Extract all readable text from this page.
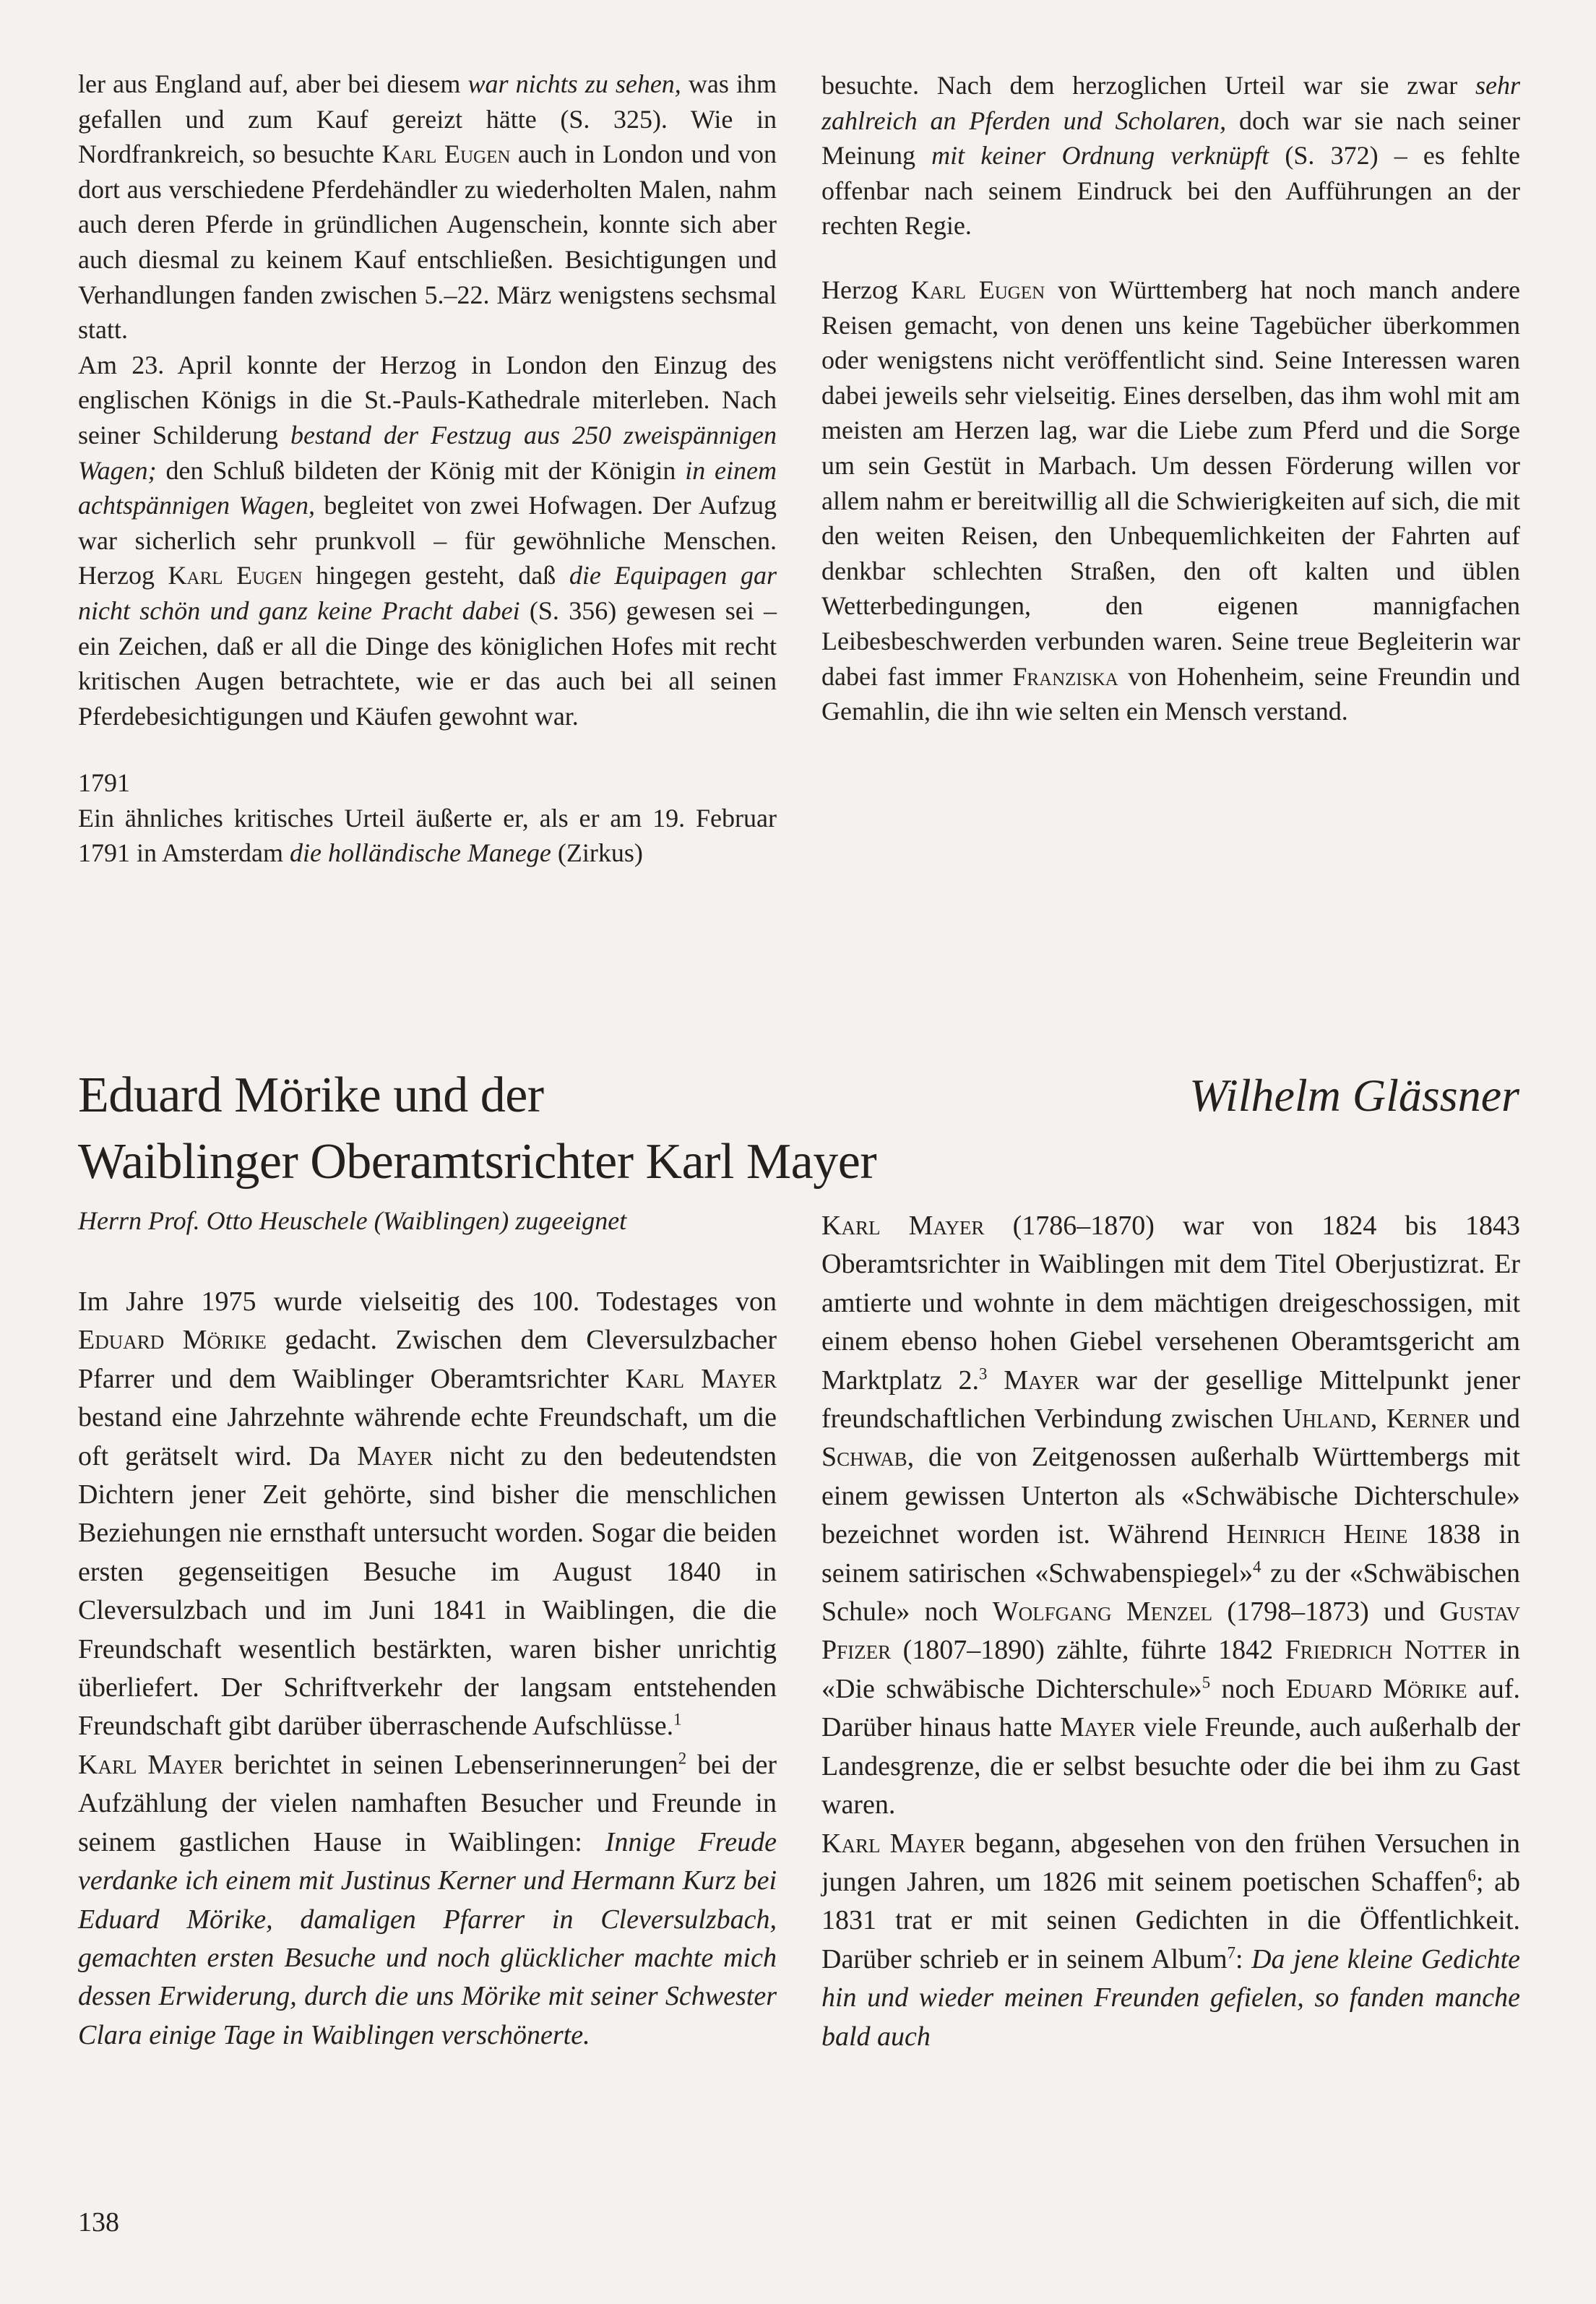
ler aus England auf, aber bei diesem war nichts zu sehen, was ihm gefallen und zum Kauf gereizt hätte (S. 325). Wie in Nordfrankreich, so besuchte Karl Eugen auch in London und von dort aus verschiedene Pferdehändler zu wiederholten Malen, nahm auch deren Pferde in gründlichen Augenschein, konnte sich aber auch diesmal zu keinem Kauf entschließen. Besichtigungen und Verhandlungen fanden zwischen 5.–22. März wenigstens sechsmal statt.

Am 23. April konnte der Herzog in London den Einzug des englischen Königs in die St.-Pauls-Kathedrale miterleben. Nach seiner Schilderung bestand der Festzug aus 250 zweispännigen Wagen; den Schluß bildeten der König mit der Königin in einem achtspännigen Wagen, begleitet von zwei Hofwagen. Der Aufzug war sicherlich sehr prunkvoll – für gewöhnliche Menschen. Herzog Karl Eugen hingegen gesteht, daß die Equipagen gar nicht schön und ganz keine Pracht dabei (S. 356) gewesen sei – ein Zeichen, daß er all die Dinge des königlichen Hofes mit recht kritischen Augen betrachtete, wie er das auch bei all seinen Pferdebesichtigungen und Käufen gewohnt war.

1791

Ein ähnliches kritisches Urteil äußerte er, als er am 19. Februar 1791 in Amsterdam die holländische Manege (Zirkus)

besuchte. Nach dem herzoglichen Urteil war sie zwar sehr zahlreich an Pferden und Scholaren, doch war sie nach seiner Meinung mit keiner Ordnung verknüpft (S. 372) – es fehlte offenbar nach seinem Eindruck bei den Aufführungen an der rechten Regie.

Herzog Karl Eugen von Württemberg hat noch manch andere Reisen gemacht, von denen uns keine Tagebücher überkommen oder wenigstens nicht veröffentlicht sind. Seine Interessen waren dabei jeweils sehr vielseitig. Eines derselben, das ihm wohl mit am meisten am Herzen lag, war die Liebe zum Pferd und die Sorge um sein Gestüt in Marbach. Um dessen Förderung willen vor allem nahm er bereitwillig all die Schwierigkeiten auf sich, die mit den weiten Reisen, den Unbequemlichkeiten der Fahrten auf denkbar schlechten Straßen, den oft kalten und üblen Wetterbedingungen, den eigenen mannigfachen Leibesbeschwerden verbunden waren. Seine treue Begleiterin war dabei fast immer Franziska von Hohenheim, seine Freundin und Gemahlin, die ihn wie selten ein Mensch verstand.

Eduard Mörike und der
Waiblinger Oberamtsrichter Karl Mayer
Wilhelm Glässner

Herrn Prof. Otto Heuschele (Waiblingen) zugeeignet

Im Jahre 1975 wurde vielseitig des 100. Todestages von Eduard Mörike gedacht. Zwischen dem Cleversulzbacher Pfarrer und dem Waiblinger Oberamtsrichter Karl Mayer bestand eine Jahrzehnte währende echte Freundschaft, um die oft gerätselt wird. Da Mayer nicht zu den bedeutendsten Dichtern jener Zeit gehörte, sind bisher die menschlichen Beziehungen nie ernsthaft untersucht worden. Sogar die beiden ersten gegenseitigen Besuche im August 1840 in Cleversulzbach und im Juni 1841 in Waiblingen, die die Freundschaft wesentlich bestärkten, waren bisher unrichtig überliefert. Der Schriftverkehr der langsam entstehenden Freundschaft gibt darüber überraschende Aufschlüsse.$^1$

Karl Mayer berichtet in seinen Lebenserinnerungen$^2$ bei der Aufzählung der vielen namhaften Besucher und Freunde in seinem gastlichen Hause in Waiblingen: Innige Freude verdanke ich einem mit Justinus Kerner und Hermann Kurz bei Eduard Mörike, damaligen Pfarrer in Cleversulzbach, gemachten ersten Besuche und noch glücklicher machte mich dessen Erwiderung, durch die uns Mörike mit seiner Schwester Clara einige Tage in Waiblingen verschönerte.

Karl Mayer (1786–1870) war von 1824 bis 1843 Oberamtsrichter in Waiblingen mit dem Titel Oberjustizrat. Er amtierte und wohnte in dem mächtigen dreigeschossigen, mit einem ebenso hohen Giebel versehenen Oberamtsgericht am Marktplatz 2.$^3$ Mayer war der gesellige Mittelpunkt jener freundschaftlichen Verbindung zwischen Uhland, Kerner und Schwab, die von Zeitgenossen außerhalb Württembergs mit einem gewissen Unterton als «Schwäbische Dichterschule» bezeichnet worden ist. Während Heinrich Heine 1838 in seinem satirischen «Schwabenspiegel»$^4$ zu der «Schwäbischen Schule» noch Wolfgang Menzel (1798–1873) und Gustav Pfizer (1807–1890) zählte, führte 1842 Friedrich Notter in «Die schwäbische Dichterschule»$^5$ noch Eduard Mörike auf. Darüber hinaus hatte Mayer viele Freunde, auch außerhalb der Landesgrenze, die er selbst besuchte oder die bei ihm zu Gast waren.

Karl Mayer begann, abgesehen von den frühen Versuchen in jungen Jahren, um 1826 mit seinem poetischen Schaffen$^6$; ab 1831 trat er mit seinen Gedichten in die Öffentlichkeit. Darüber schrieb er in seinem Album$^7$: Da jene kleine Gedichte hin und wieder meinen Freunden gefielen, so fanden manche bald auch

138
